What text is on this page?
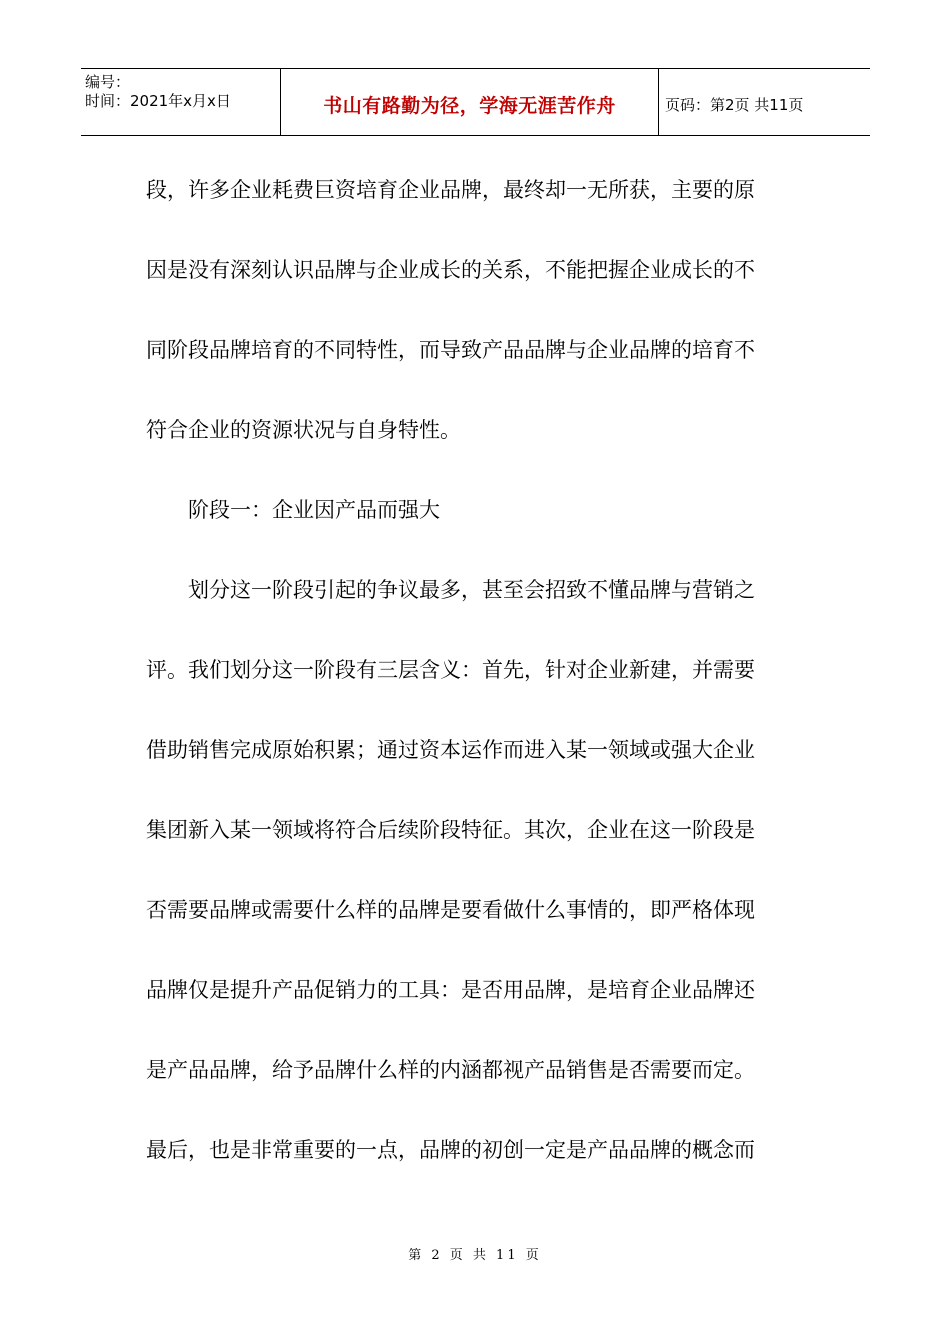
编号：
时间：2021年x月x日	书山有路勤为径，学海无涯苦作舟	页码：第2页 共11页

段，许多企业耗费巨资培育企业品牌，最终却一无所获，主要的原

因是没有深刻认识品牌与企业成长的关系，不能把握企业成长的不

同阶段品牌培育的不同特性，而导致产品品牌与企业品牌的培育不

符合企业的资源状况与自身特性。

阶段一：企业因产品而强大

划分这一阶段引起的争议最多，甚至会招致不懂品牌与营销之

评。我们划分这一阶段有三层含义：首先，针对企业新建，并需要

借助销售完成原始积累；通过资本运作而进入某一领域或强大企业

集团新入某一领域将符合后续阶段特征。其次，企业在这一阶段是

否需要品牌或需要什么样的品牌是要看做什么事情的，即严格体现

品牌仅是提升产品促销力的工具：是否用品牌，是培育企业品牌还

是产品品牌，给予品牌什么样的内涵都视产品销售是否需要而定。

最后，也是非常重要的一点，品牌的初创一定是产品品牌的概念而

第 2 页 共 11 页
